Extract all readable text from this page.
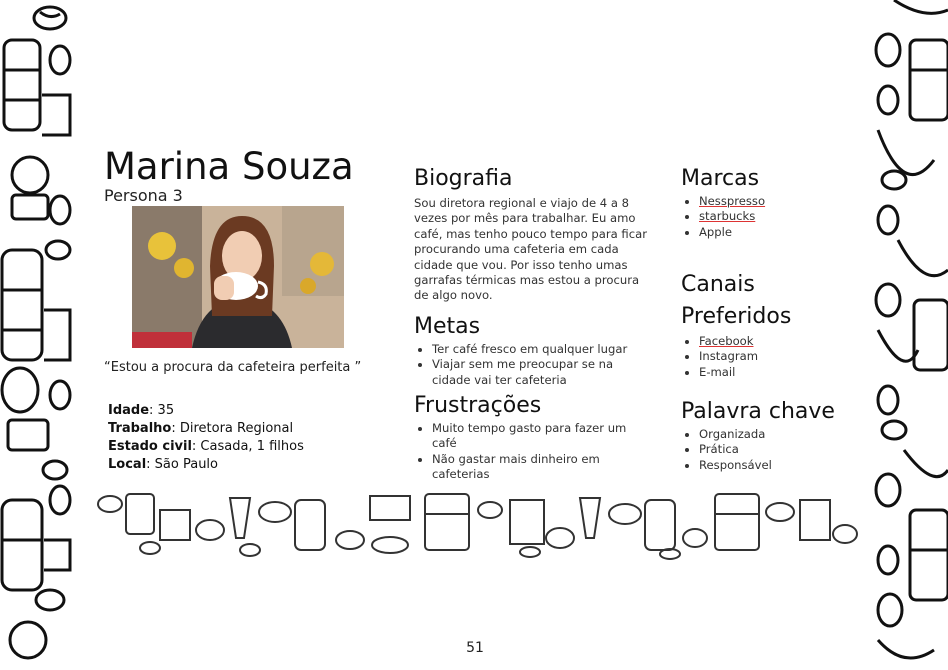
Marina Souza
Persona 3
“Estou a procura da cafeteira perfeita ”
Idade: 35
Trabalho: Diretora Regional
Estado civil: Casada, 1 filhos
Local: São Paulo
Biografia
Sou diretora regional e viajo de 4 a 8 vezes por mês para trabalhar. Eu amo café, mas tenho pouco tempo para ficar procurando uma cafeteria em cada cidade que vou. Por isso tenho umas garrafas térmicas mas estou a procura de algo novo.
Metas
• Ter café fresco em qualquer lugar
• Viajar sem me preocupar se na cidade vai ter cafeteria
Frustrações
• Muito tempo gasto para fazer um café
• Não gastar mais dinheiro em cafeterias
Marcas
• Nesspresso
• starbucks
• Apple
Canais
Preferidos
• Facebook
• Instagram
• E-mail
Palavra chave
• Organizada
• Prática
• Responsável
51
